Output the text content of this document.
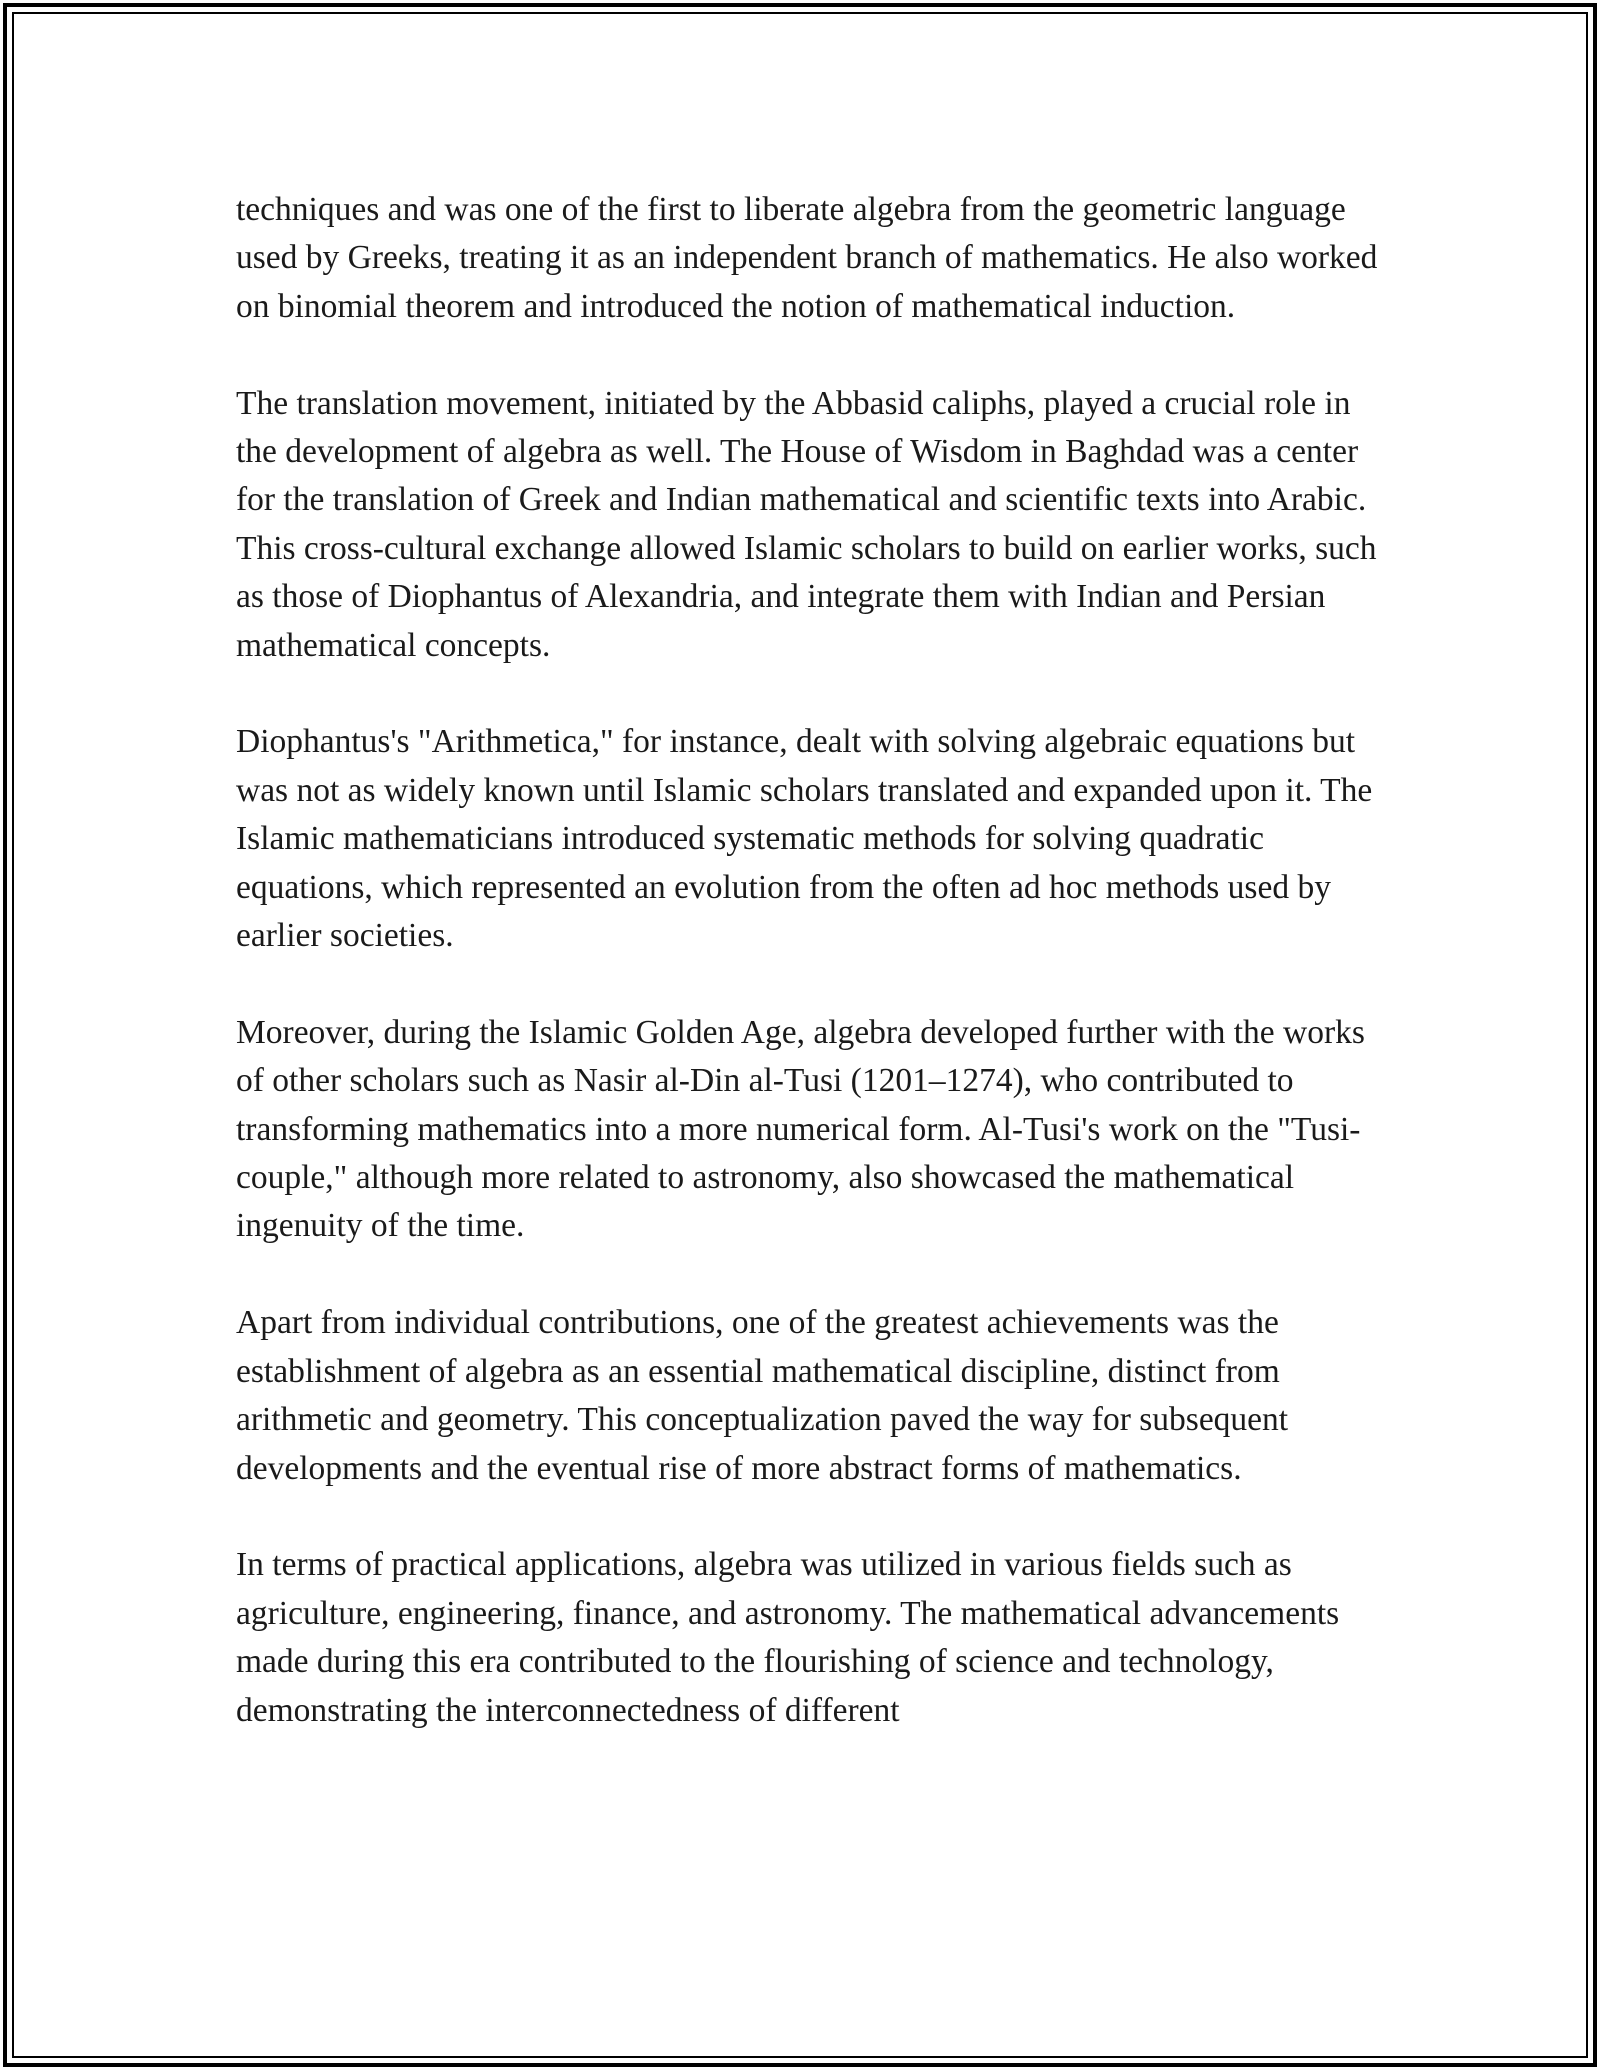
techniques and was one of the first to liberate algebra from the geometric language used by Greeks, treating it as an independent branch of mathematics. He also worked on binomial theorem and introduced the notion of mathematical induction.

The translation movement, initiated by the Abbasid caliphs, played a crucial role in the development of algebra as well. The House of Wisdom in Baghdad was a center for the translation of Greek and Indian mathematical and scientific texts into Arabic. This cross-cultural exchange allowed Islamic scholars to build on earlier works, such as those of Diophantus of Alexandria, and integrate them with Indian and Persian mathematical concepts.

Diophantus's "Arithmetica," for instance, dealt with solving algebraic equations but was not as widely known until Islamic scholars translated and expanded upon it. The Islamic mathematicians introduced systematic methods for solving quadratic equations, which represented an evolution from the often ad hoc methods used by earlier societies.

Moreover, during the Islamic Golden Age, algebra developed further with the works of other scholars such as Nasir al-Din al-Tusi (1201–1274), who contributed to transforming mathematics into a more numerical form. Al-Tusi's work on the "Tusi-couple," although more related to astronomy, also showcased the mathematical ingenuity of the time.

Apart from individual contributions, one of the greatest achievements was the establishment of algebra as an essential mathematical discipline, distinct from arithmetic and geometry. This conceptualization paved the way for subsequent developments and the eventual rise of more abstract forms of mathematics.

In terms of practical applications, algebra was utilized in various fields such as agriculture, engineering, finance, and astronomy. The mathematical advancements made during this era contributed to the flourishing of science and technology, demonstrating the interconnectedness of different
